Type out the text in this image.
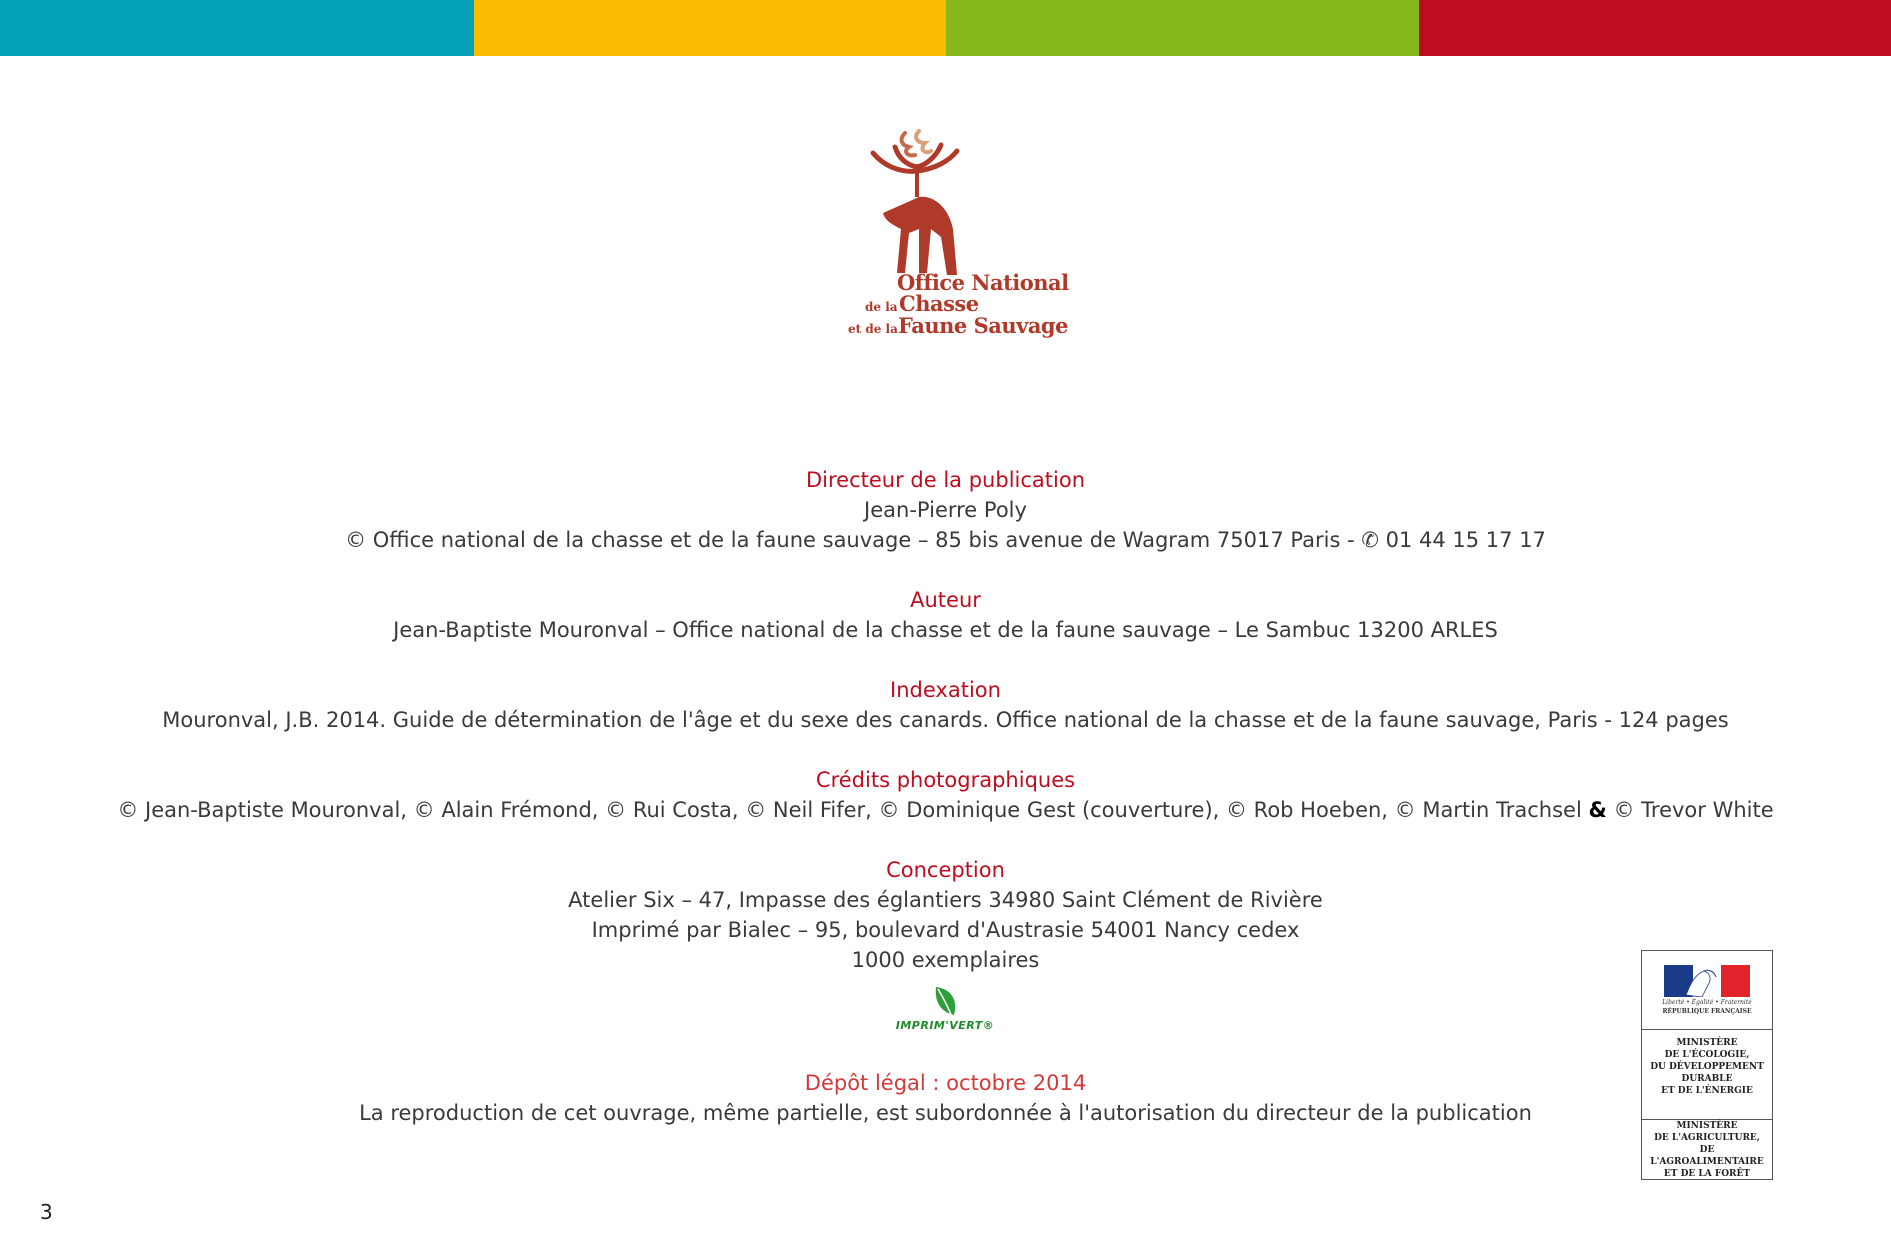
Office National
de la Chasse
et de la Faune Sauvage

Directeur de la publication

Jean-Pierre Poly

© Office national de la chasse et de la faune sauvage – 85 bis avenue de Wagram 75017 Paris - ✆ 01 44 15 17 17

Auteur

Jean-Baptiste Mouronval – Office national de la chasse et de la faune sauvage – Le Sambuc 13200 ARLES

Indexation

Mouronval, J.B. 2014. Guide de détermination de l'âge et du sexe des canards. Office national de la chasse et de la faune sauvage, Paris - 124 pages

Crédits photographiques

© Jean-Baptiste Mouronval, © Alain Frémond, © Rui Costa, © Neil Fifer, © Dominique Gest (couverture), © Rob Hoeben, © Martin Trachsel & © Trevor White

Conception

Atelier Six – 47, Impasse des églantiers 34980 Saint Clément de Rivière

Imprimé par Bialec – 95, boulevard d'Austrasie 54001 Nancy cedex

1000 exemplaires

IMPRIM'VERT®

Dépôt légal : octobre 2014

La reproduction de cet ouvrage, même partielle, est subordonnée à l'autorisation du directeur de la publication

3
Liberté • Égalité • Fraternité
RÉPUBLIQUE FRANÇAISE

MINISTÈRE

DE L'ÉCOLOGIE,

DU DÉVELOPPEMENT

DURABLE

ET DE L'ÉNERGIE

MINISTÈRE

DE L'AGRICULTURE,

DE L'AGROALIMENTAIRE

ET DE LA FORÊT
